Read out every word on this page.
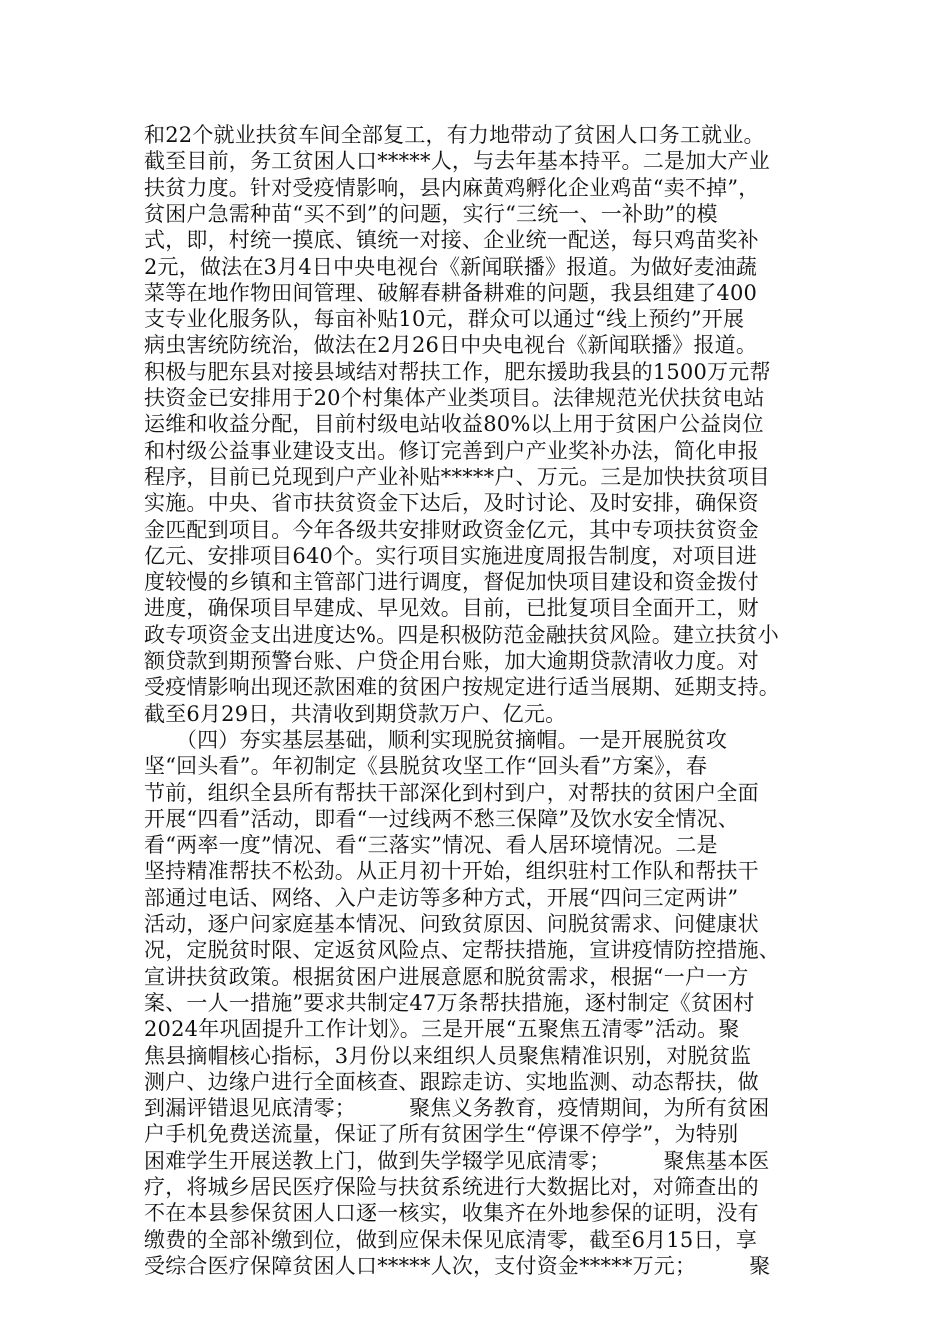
和22个就业扶贫车间全部复工，有力地带动了贫困人口务工就业。
截至目前，务工贫困人口*****人，与去年基本持平。二是加大产业
扶贫力度。针对受疫情影响，县内麻黄鸡孵化企业鸡苗“卖不掉”，
贫困户急需种苗“买不到”的问题，实行“三统一、一补助”的模
式，即，村统一摸底、镇统一对接、企业统一配送，每只鸡苗奖补
2元，做法在3月4日中央电视台《新闻联播》报道。为做好麦油蔬
菜等在地作物田间管理、破解春耕备耕难的问题，我县组建了400
支专业化服务队，每亩补贴10元，群众可以通过“线上预约”开展
病虫害统防统治，做法在2月26日中央电视台《新闻联播》报道。
积极与肥东县对接县域结对帮扶工作，肥东援助我县的1500万元帮
扶资金已安排用于20个村集体产业类项目。法律规范光伏扶贫电站
运维和收益分配，目前村级电站收益80%以上用于贫困户公益岗位
和村级公益事业建设支出。修订完善到户产业奖补办法，简化申报
程序，目前已兑现到户产业补贴*****户、万元。三是加快扶贫项目
实施。中央、省市扶贫资金下达后，及时讨论、及时安排，确保资
金匹配到项目。今年各级共安排财政资金亿元，其中专项扶贫资金
亿元、安排项目640个。实行项目实施进度周报告制度，对项目进
度较慢的乡镇和主管部门进行调度，督促加快项目建设和资金拨付
进度，确保项目早建成、早见效。目前，已批复项目全面开工，财
政专项资金支出进度达%。四是积极防范金融扶贫风险。建立扶贫小
额贷款到期预警台账、户贷企用台账，加大逾期贷款清收力度。对
受疫情影响出现还款困难的贫困户按规定进行适当展期、延期支持。
截至6月29日，共清收到期贷款万户、亿元。
　　（四）夯实基层基础，顺利实现脱贫摘帽。一是开展脱贫攻
坚“回头看”。年初制定《县脱贫攻坚工作“回头看”方案》，春
节前，组织全县所有帮扶干部深化到村到户，对帮扶的贫困户全面
开展“四看”活动，即看“一过线两不愁三保障”及饮水安全情况、
看“两率一度”情况、看“三落实”情况、看人居环境情况。二是
坚持精准帮扶不松劲。从正月初十开始，组织驻村工作队和帮扶干
部通过电话、网络、入户走访等多种方式，开展“四问三定两讲”
活动，逐户问家庭基本情况、问致贫原因、问脱贫需求、问健康状
况，定脱贫时限、定返贫风险点、定帮扶措施，宣讲疫情防控措施、
宣讲扶贫政策。根据贫困户进展意愿和脱贫需求，根据“一户一方
案、一人一措施”要求共制定47万条帮扶措施，逐村制定《贫困村
2024年巩固提升工作计划》。三是开展“五聚焦五清零”活动。聚
焦县摘帽核心指标，3月份以来组织人员聚焦精准识别，对脱贫监
测户、边缘户进行全面核查、跟踪走访、实地监测、动态帮扶，做
到漏评错退见底清零；　　　聚焦义务教育，疫情期间，为所有贫困
户手机免费送流量，保证了所有贫困学生“停课不停学”，为特别
困难学生开展送教上门，做到失学辍学见底清零；　　　聚焦基本医
疗，将城乡居民医疗保险与扶贫系统进行大数据比对，对筛查出的
不在本县参保贫困人口逐一核实，收集齐在外地参保的证明，没有
缴费的全部补缴到位，做到应保未保见底清零，截至6月15日，享
受综合医疗保障贫困人口*****人次，支付资金*****万元；　　　聚
